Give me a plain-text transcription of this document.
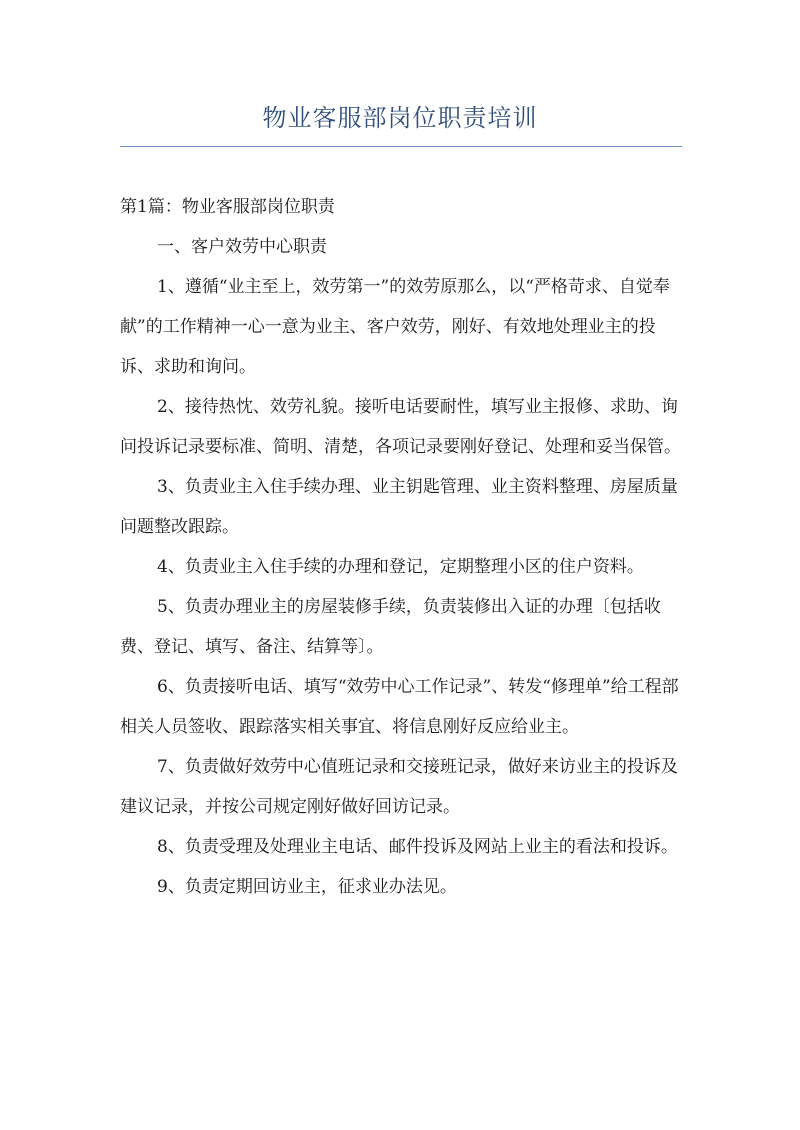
物业客服部岗位职责培训

第1篇：物业客服部岗位职责

一、客户效劳中心职责

1、遵循“业主至上，效劳第一”的效劳原那么，以“严格苛求、自觉奉献”的工作精神一心一意为业主、客户效劳，刚好、有效地处理业主的投诉、求助和询问。

2、接待热忱、效劳礼貌。接听电话要耐性，填写业主报修、求助、询问投诉记录要标准、简明、清楚，各项记录要刚好登记、处理和妥当保管。

3、负责业主入住手续办理、业主钥匙管理、业主资料整理、房屋质量问题整改跟踪。

4、负责业主入住手续的办理和登记，定期整理小区的住户资料。

5、负责办理业主的房屋装修手续，负责装修出入证的办理〔包括收费、登记、填写、备注、结算等〕。

6、负责接听电话、填写“效劳中心工作记录”、转发“修理单”给工程部相关人员签收、跟踪落实相关事宜、将信息刚好反应给业主。

7、负责做好效劳中心值班记录和交接班记录，做好来访业主的投诉及建议记录，并按公司规定刚好做好回访记录。

8、负责受理及处理业主电话、邮件投诉及网站上业主的看法和投诉。

9、负责定期回访业主，征求业办法见。
